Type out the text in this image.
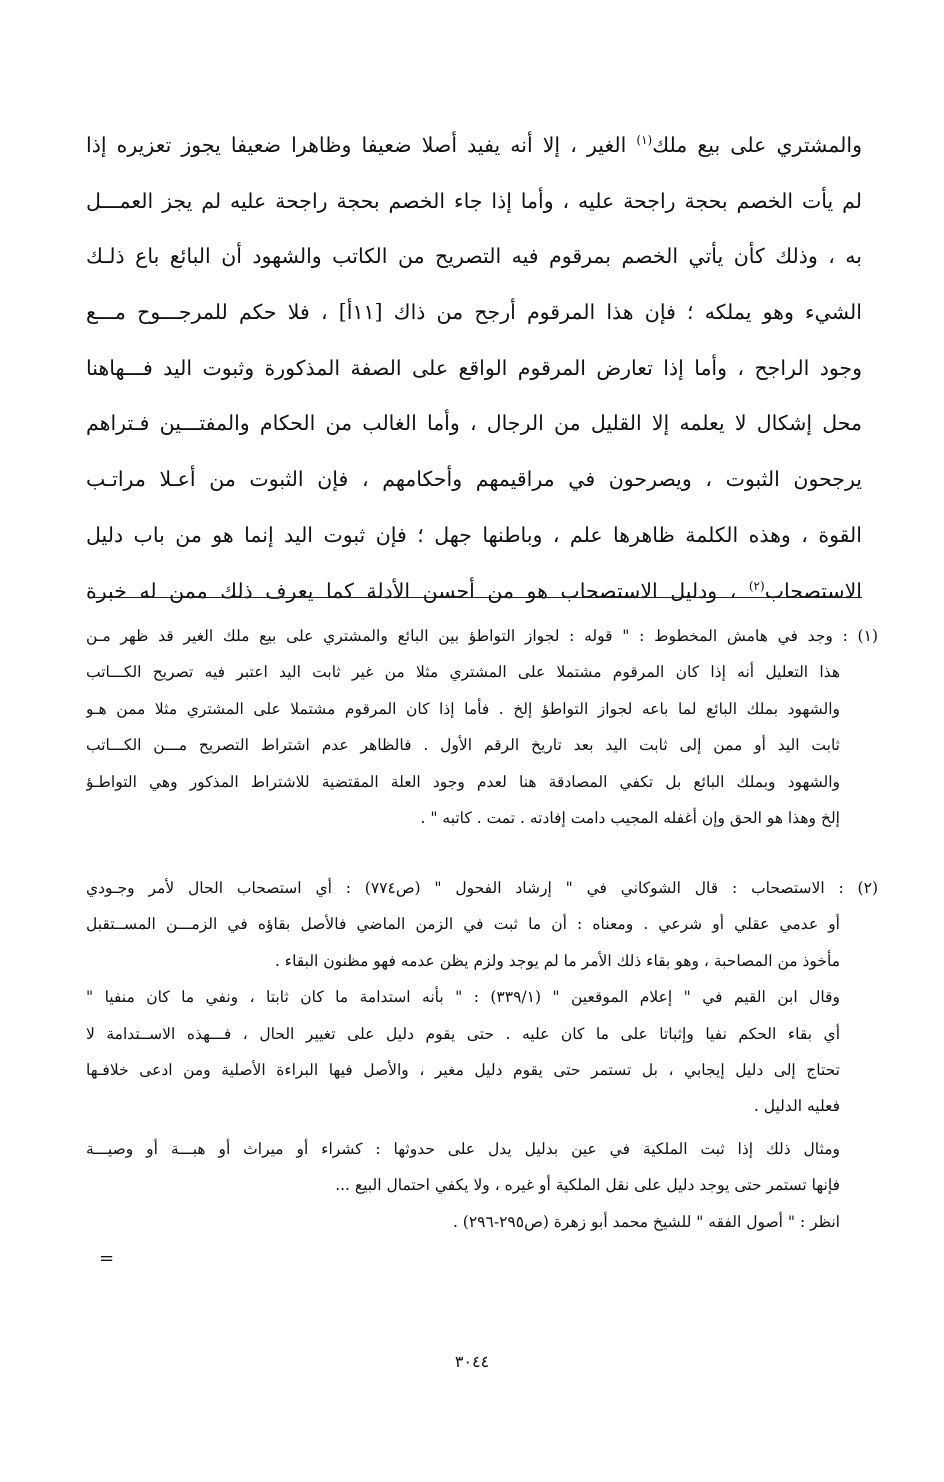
والمشتري على بيع ملك$^{(١)}$ الغير ، إلا أنه يفيد أصلا ضعيفا وظاهرا ضعيفا يجوز تعزيره إذا
لم يأت الخصم بحجة راجحة عليه ، وأما إذا جاء الخصم بحجة راجحة عليه لم يجز العمـــل
به ، وذلك كأن يأتي الخصم بمرقوم فيه التصريح من الكاتب والشهود أن البائع باع ذلـك
الشيء وهو يملكه ؛ فإن هذا المرقوم أرجح من ذاك [١١أ] ، فلا حكم للمرجـــوح مـــع
وجود الراجح ، وأما إذا تعارض المرقوم الواقع على الصفة المذكورة وثبوت اليد فـــهاهنا
محل إشكال لا يعلمه إلا القليل من الرجال ، وأما الغالب من الحكام والمفتـــين فـتراهم
يرجحون الثبوت ، ويصرحون في مراقيمهم وأحكامهم ، فإن الثبوت من أعـلا مراتـب
القوة ، وهذه الكلمة ظاهرها علم ، وباطنها جهل ؛ فإن ثبوت اليد إنما هو من باب دليل
الاستصحاب$^{(٢)}$ ، ودليل الاستصحاب هو من أحسن الأدلة كما يعرف ذلك ممن له خبرة
(١) : وجد في هامش المخطوط : " قوله : لجواز التواطؤ بين البائع والمشتري على بيع ملك الغير قد ظهر مـن
هذا التعليل أنه إذا كان المرقوم مشتملا على المشتري مثلا من غير ثابت اليد اعتبر فيه تصريح الكـــاتب
والشهود بملك البائع لما باعه لجواز التواطؤ إلخ . فأما إذا كان المرقوم مشتملا على المشتري مثلا ممن هـو
ثابت اليد أو ممن إلى ثابت اليد بعد تاريخ الرقم الأول . فالظاهر عدم اشتراط التصريح مـــن الكـــاتب
والشهود وبملك البائع بل تكفي المصادقة هنا لعدم وجود العلة المقتضية للاشتراط المذكور وهي التواطـؤ
إلخ وهذا هو الحق وإن أغفله المجيب دامت إفادته . تمت . كاتبه " .
(٢) : الاستصحاب : قال الشوكاني في " إرشاد الفحول " (ص٧٧٤) : أي استصحاب الحال لأمر وجـودي
أو عدمي عقلي أو شرعي . ومعناه : أن ما ثبت في الزمن الماضي فالأصل بقاؤه في الزمـــن المســتقبل
مأخوذ من المصاحبة ، وهو بقاء ذلك الأمر ما لم يوجد ولزم يظن عدمه فهو مظنون البقاء .
وقال ابن القيم في " إعلام الموقعين " (٣٣٩/١) : " بأنه استدامة ما كان ثابتا ، ونفي ما كان منفيا "
أي بقاء الحكم نفيا وإثباتا على ما كان عليه . حتى يقوم دليل على تغيير الحال ، فـــهذه الاســتدامة لا
تحتاج إلى دليل إيجابي ، بل تستمر حتى يقوم دليل مغير ، والأصل فيها البراءة الأصلية ومن ادعى خلافـها
فعليه الدليل .
ومثال ذلك إذا ثبت الملكية في عين بدليل يدل على حدوثها : كشراء أو ميراث أو هبـــة أو وصيـــة
فإنها تستمر حتى يوجد دليل على نقل الملكية أو غيره ، ولا يكفي احتمال البيع ...
انظر : " أصول الفقه " للشيخ محمد أبو زهرة (ص٢٩٥-٢٩٦) .
=
٣٠٤٤
